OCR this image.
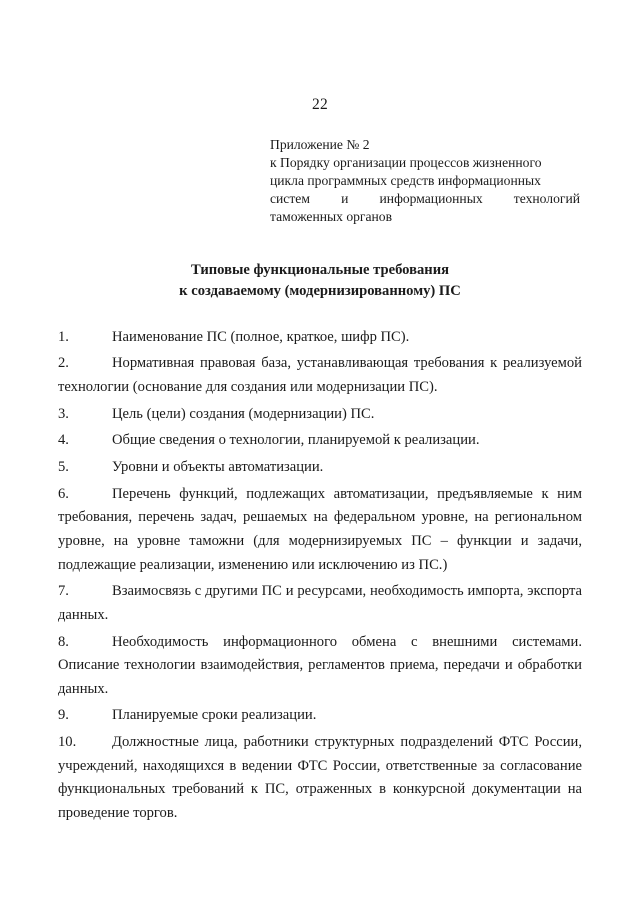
22
Приложение № 2
к Порядку организации процессов жизненного
цикла программных средств информационных
систем и информационных технологий
таможенных органов
Типовые функциональные требования
к создаваемому (модернизированному) ПС
1.	Наименование ПС (полное, краткое, шифр ПС).
2.	Нормативная правовая база, устанавливающая требования к реализуемой технологии (основание для создания или модернизации ПС).
3.	Цель (цели) создания (модернизации) ПС.
4.	Общие сведения о технологии, планируемой к реализации.
5.	Уровни и объекты автоматизации.
6.	Перечень функций, подлежащих автоматизации, предъявляемые к ним требования, перечень задач, решаемых на федеральном уровне, на региональном уровне, на уровне таможни (для модернизируемых ПС – функции и задачи, подлежащие реализации, изменению или исключению из ПС.)
7.	Взаимосвязь с другими ПС и ресурсами, необходимость импорта, экспорта данных.
8.	Необходимость информационного обмена с внешними системами. Описание технологии взаимодействия, регламентов приема, передачи и обработки данных.
9.	Планируемые сроки реализации.
10. Должностные лица, работники структурных подразделений ФТС России, учреждений, находящихся в ведении ФТС России, ответственные за согласование функциональных требований к ПС, отраженных в конкурсной документации на проведение торгов.
